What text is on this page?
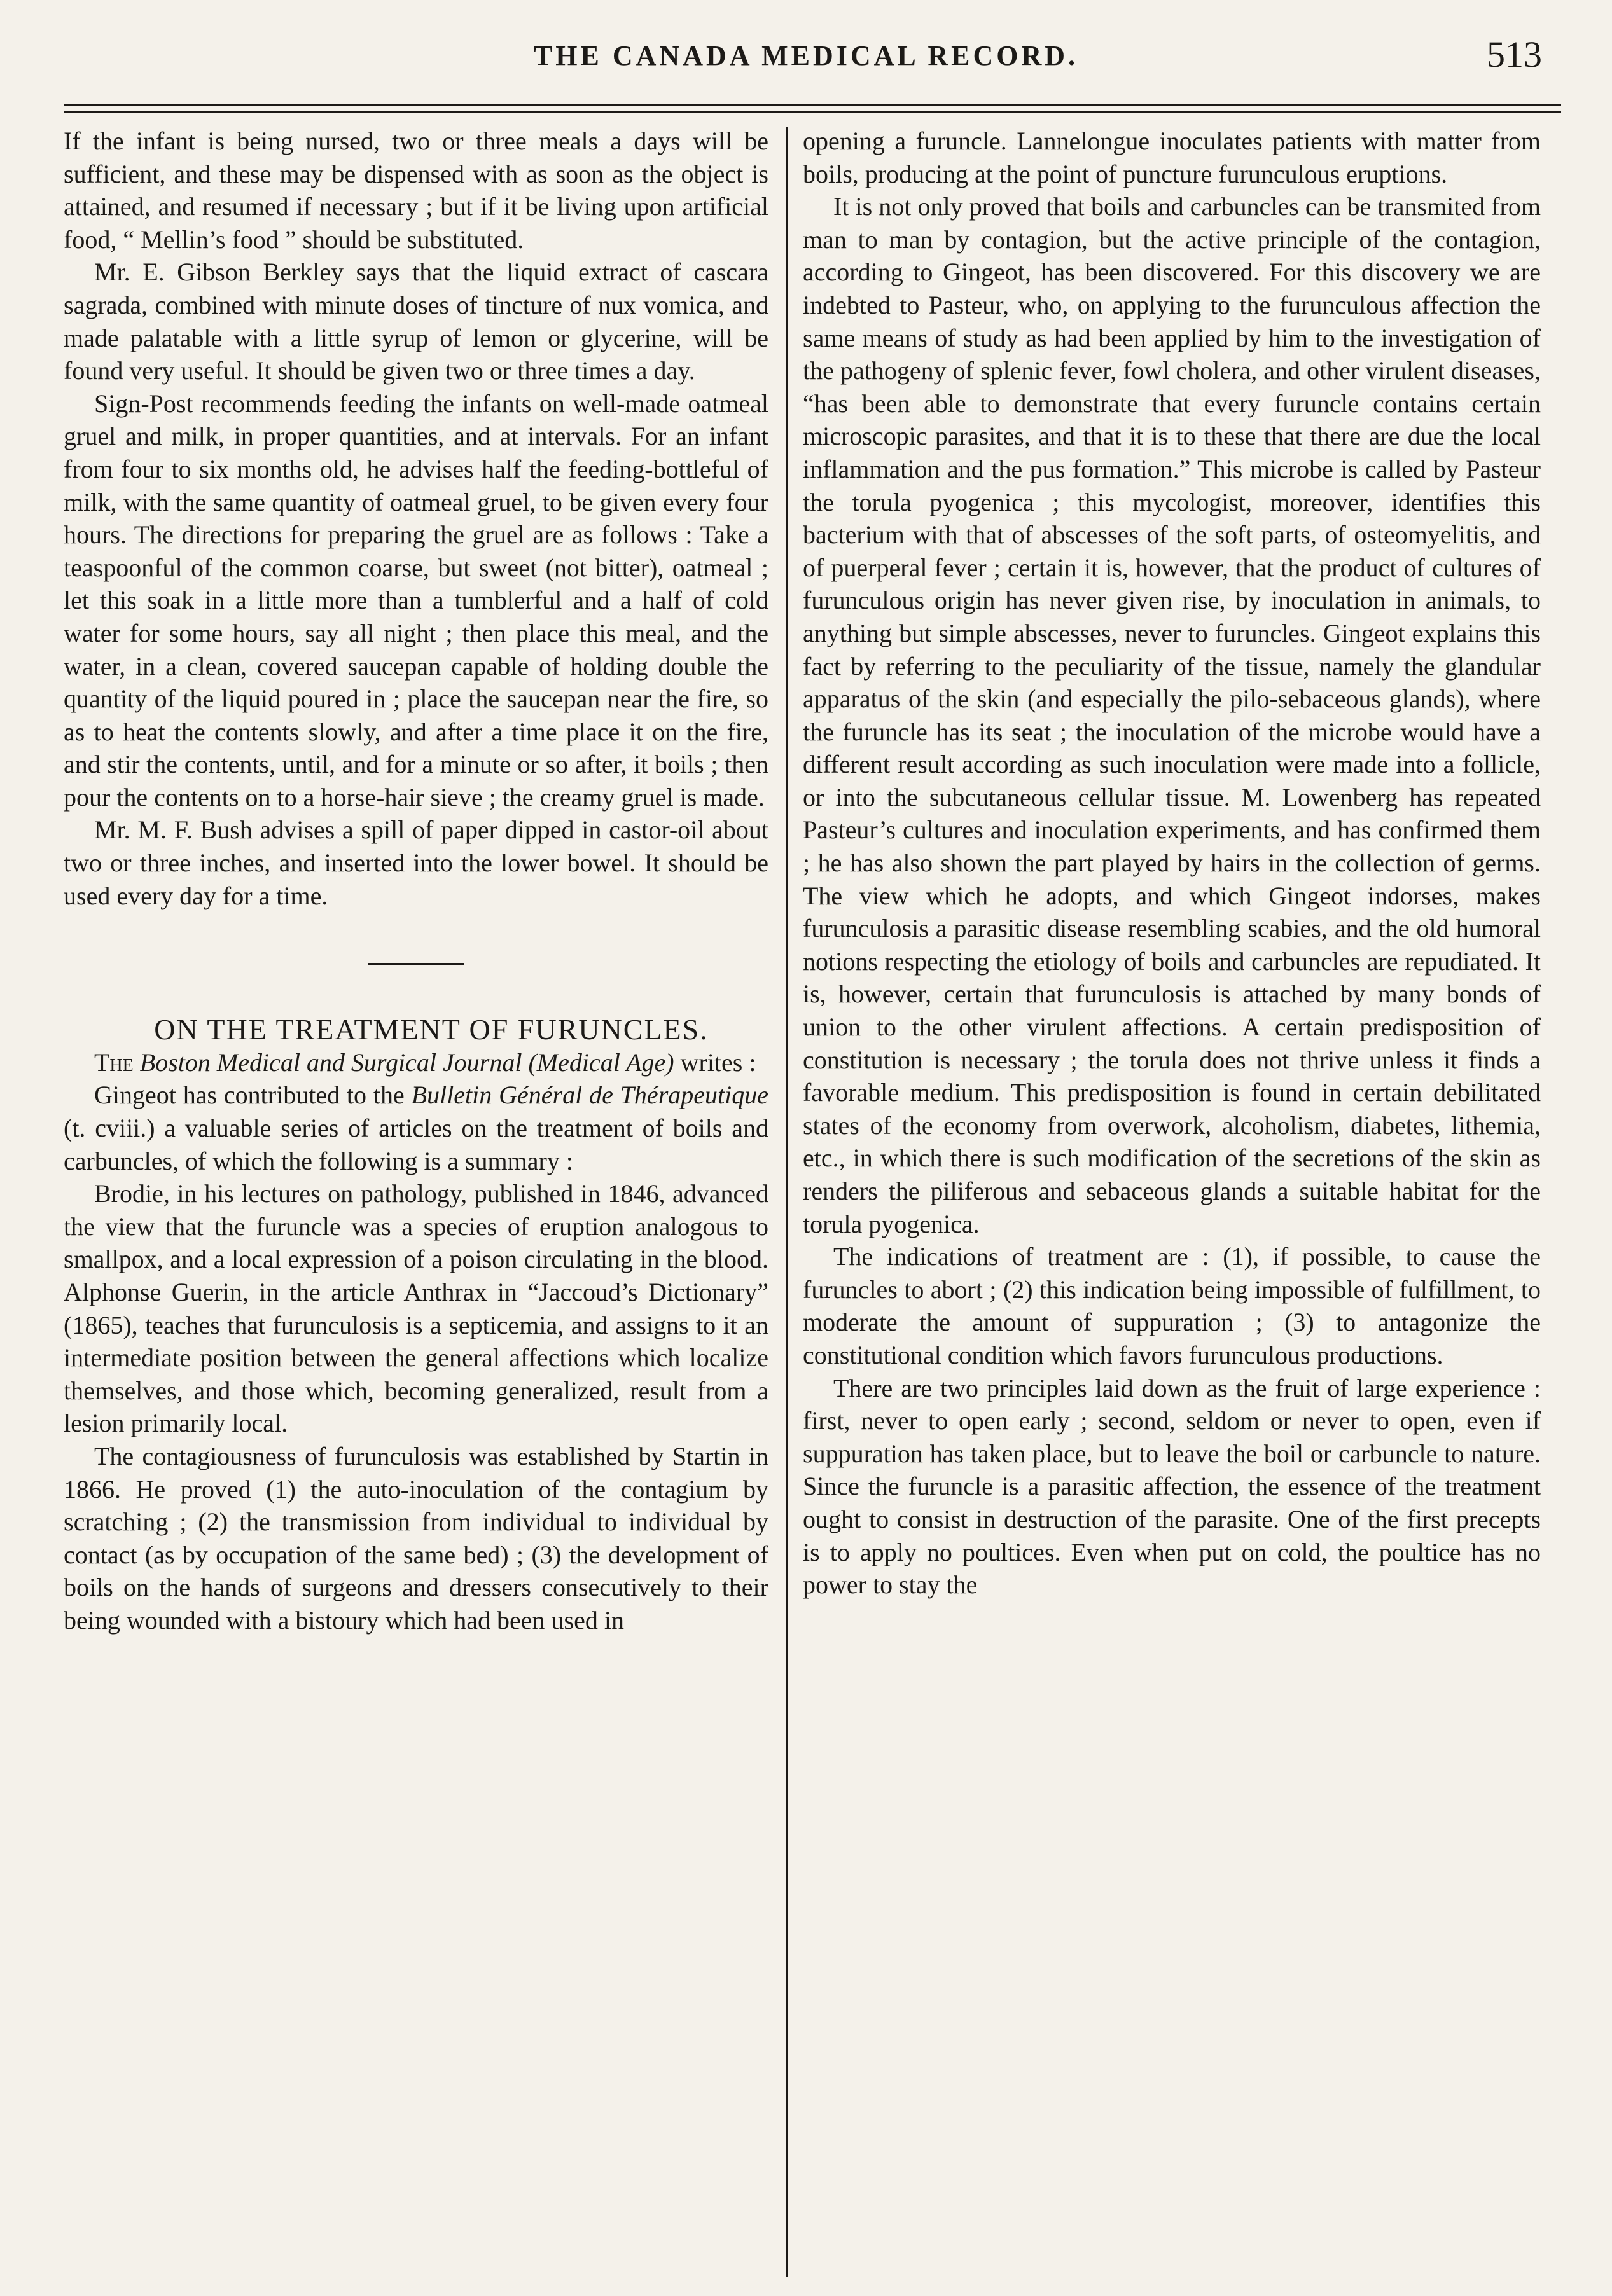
THE CANADA MEDICAL RECORD.	513

If the infant is being nursed, two or three meals a days will be sufficient, and these may be dispensed with as soon as the object is attained, and resumed if necessary ; but if it be living upon artificial food, “ Mellin’s food ” should be substituted.

Mr. E. Gibson Berkley says that the liquid extract of cascara sagrada, combined with minute doses of tincture of nux vomica, and made palatable with a little syrup of lemon or glycerine, will be found very useful. It should be given two or three times a day.

Sign-Post recommends feeding the infants on well-made oatmeal gruel and milk, in proper quantities, and at intervals. For an infant from four to six months old, he advises half the feeding-bottleful of milk, with the same quantity of oatmeal gruel, to be given every four hours. The directions for preparing the gruel are as follows : Take a teaspoonful of the common coarse, but sweet (not bitter), oatmeal ; let this soak in a little more than a tumblerful and a half of cold water for some hours, say all night ; then place this meal, and the water, in a clean, covered saucepan capable of holding double the quantity of the liquid poured in ; place the saucepan near the fire, so as to heat the contents slowly, and after a time place it on the fire, and stir the contents, until, and for a minute or so after, it boils ; then pour the contents on to a horse-hair sieve ; the creamy gruel is made.

Mr. M. F. Bush advises a spill of paper dipped in castor-oil about two or three inches, and inserted into the lower bowel. It should be used every day for a time.

ON THE TREATMENT OF FURUNCLES.

The Boston Medical and Surgical Journal (Medical Age) writes :

Gingeot has contributed to the Bulletin Général de Thérapeutique (t. cviii.) a valuable series of articles on the treatment of boils and carbuncles, of which the following is a summary :

Brodie, in his lectures on pathology, published in 1846, advanced the view that the furuncle was a species of eruption analogous to smallpox, and a local expression of a poison circulating in the blood. Alphonse Guerin, in the article Anthrax in “Jaccoud’s Dictionary” (1865), teaches that furunculosis is a septicemia, and assigns to it an intermediate position between the general affections which localize themselves, and those which, becoming generalized, result from a lesion primarily local.

The contagiousness of furunculosis was established by Startin in 1866. He proved (1) the auto-inoculation of the contagium by scratching ; (2) the transmission from individual to individual by contact (as by occupation of the same bed) ; (3) the development of boils on the hands of surgeons and dressers consecutively to their being wounded with a bistoury which had been used in

opening a furuncle. Lannelongue inoculates patients with matter from boils, producing at the point of puncture furunculous eruptions.

It is not only proved that boils and carbuncles can be transmited from man to man by contagion, but the active principle of the contagion, according to Gingeot, has been discovered. For this discovery we are indebted to Pasteur, who, on applying to the furunculous affection the same means of study as had been applied by him to the investigation of the pathogeny of splenic fever, fowl cholera, and other virulent diseases, “has been able to demonstrate that every furuncle contains certain microscopic parasites, and that it is to these that there are due the local inflammation and the pus formation.” This microbe is called by Pasteur the torula pyogenica ; this mycologist, moreover, identifies this bacterium with that of abscesses of the soft parts, of osteomyelitis, and of puerperal fever ; certain it is, however, that the product of cultures of furunculous origin has never given rise, by inoculation in animals, to anything but simple abscesses, never to furuncles. Gingeot explains this fact by referring to the peculiarity of the tissue, namely the glandular apparatus of the skin (and especially the pilo-sebaceous glands), where the furuncle has its seat ; the inoculation of the microbe would have a different result according as such inoculation were made into a follicle, or into the subcutaneous cellular tissue. M. Lowenberg has repeated Pasteur’s cultures and inoculation experiments, and has confirmed them ; he has also shown the part played by hairs in the collection of germs. The view which he adopts, and which Gingeot indorses, makes furunculosis a parasitic disease resembling scabies, and the old humoral notions respecting the etiology of boils and carbuncles are repudiated. It is, however, certain that furunculosis is attached by many bonds of union to the other virulent affections. A certain predisposition of constitution is necessary ; the torula does not thrive unless it finds a favorable medium. This predisposition is found in certain debilitated states of the economy from overwork, alcoholism, diabetes, lithemia, etc., in which there is such modification of the secretions of the skin as renders the piliferous and sebaceous glands a suitable habitat for the torula pyogenica.

The indications of treatment are : (1), if possible, to cause the furuncles to abort ; (2) this indication being impossible of fulfillment, to moderate the amount of suppuration ; (3) to antagonize the constitutional condition which favors furunculous productions.

There are two principles laid down as the fruit of large experience : first, never to open early ; second, seldom or never to open, even if suppuration has taken place, but to leave the boil or carbuncle to nature. Since the furuncle is a parasitic affection, the essence of the treatment ought to consist in destruction of the parasite. One of the first precepts is to apply no poultices. Even when put on cold, the poultice has no power to stay the
